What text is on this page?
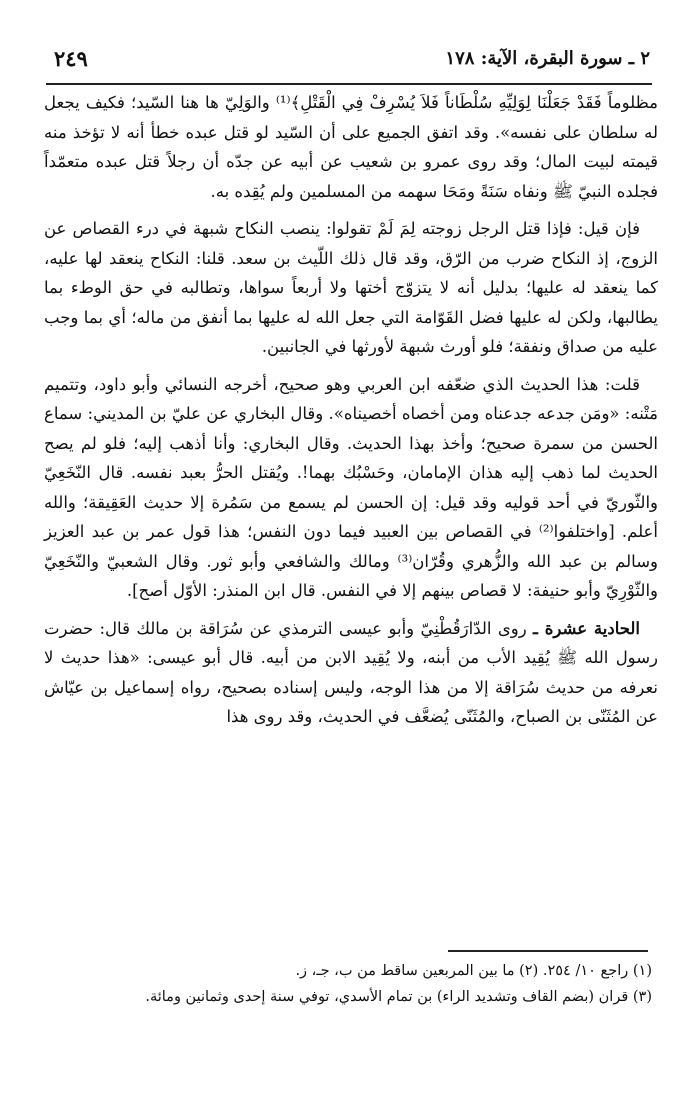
٢٤٩	٢ ـ سورة البقرة، الآية: ١٧٨

مظلوماً فَقَدْ جَعَلْنَا لِوَلِيِّهِ سُلْطَاناً فَلاَ يُسْرِفْ فِي الْقَتْلِ﴾⁽¹⁾ والوَلِيّ ها هنا السّيد؛ فكيف يجعل له سلطان على نفسه». وقد اتفق الجميع على أن السّيد لو قتل عبده خطأ أنه لا تؤخذ منه قيمته لبيت المال؛ وقد روى عمرو بن شعيب عن أبيه عن جدّه أن رجلاً قتل عبده متعمّداً فجلده النبيّ ﷺ ونفاه سَنَةً ومَحَا سهمه من المسلمين ولم يُقِده به.

فإن قيل: فإذا قتل الرجل زوجته لِمَ لَمْ تقولوا: ينصب النكاح شبهة في درء القصاص عن الزوج، إذ النكاح ضرب من الرّق، وقد قال ذلك اللّيث بن سعد. قلنا: النكاح ينعقد لها عليه، كما ينعقد له عليها؛ بدليل أنه لا يتزوّج أختها ولا أربعاً سواها، وتطالبه في حق الوطء بما يطالبها، ولكن له عليها فضل القَوّامة التي جعل الله له عليها بما أنفق من ماله؛ أي بما وجب عليه من صداق ونفقة؛ فلو أورث شبهة لأورثها في الجانبين.

قلت: هذا الحديث الذي ضعّفه ابن العربي وهو صحيح، أخرجه النسائي وأبو داود، وتتميم مَتْنه: «ومَن جدعه جدعناه ومن أخصاه أخصيناه». وقال البخاري عن عليّ بن المديني: سماع الحسن من سمرة صحيح؛ وأخذ بهذا الحديث. وقال البخاري: وأنا أذهب إليه؛ فلو لم يصح الحديث لما ذهب إليه هذان الإمامان، وحَسْبُك بهما!. ويُقتل الحرُّ بعبد نفسه. قال النّخَعِيّ والثّوريّ في أحد قوليه وقد قيل: إن الحسن لم يسمع من سَمُرة إلا حديث العَقِيقة؛ والله أعلم. [واختلفوا⁽²⁾ في القصاص بين العبيد فيما دون النفس؛ هذا قول عمر بن عبد العزيز وسالم بن عبد الله والزُّهري وقُرّان⁽³⁾ ومالك والشافعي وأبو ثور. وقال الشعبيّ والنّخَعِيّ والثّوْرِيّ وأبو حنيفة: لا قصاص بينهم إلا في النفس. قال ابن المنذر: الأوّل أصح].

الحادية عشرة ـ روى الدّارَقُطْنِيّ وأبو عيسى الترمذي عن سُرَاقة بن مالك قال: حضرت رسول الله ﷺ يُقِيد الأب من أبنه، ولا يُقِيد الابن من أبيه. قال أبو عيسى: «هذا حديث لا نعرفه من حديث سُرَاقة إلا من هذا الوجه، وليس إسناده بصحيح، رواه إسماعيل بن عيّاش عن المُثَنّى بن الصباح، والمُثَنّى يُضعَّف في الحديث، وقد روى هذا

(١) راجع ١٠/ ٢٥٤. (٢) ما بين المربعين ساقط من ب، جـ، ز.

(٣) قران (بضم القاف وتشديد الراء) بن تمام الأسدي، توفي سنة إحدى وثمانين ومائة.
